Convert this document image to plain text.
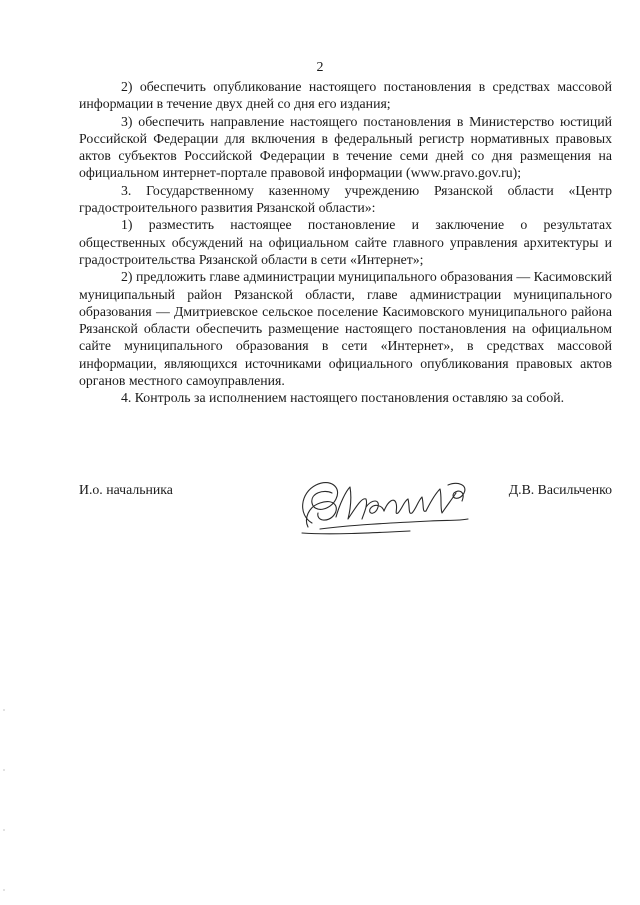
2

2) обеспечить опубликование настоящего постановления в средствах массовой информации в течение двух дней со дня его издания;

3) обеспечить направление настоящего постановления в Министерство юстиций Российской Федерации для включения в федеральный регистр нормативных правовых актов субъектов Российской Федерации в течение семи дней со дня размещения на официальном интернет-портале правовой информации (www.pravo.gov.ru);

3. Государственному казенному учреждению Рязанской области «Центр градостроительного развития Рязанской области»:

1) разместить настоящее постановление и заключение о результатах общественных обсуждений на официальном сайте главного управления архитектуры и градостроительства Рязанской области в сети «Интернет»;

2) предложить главе администрации муниципального образования — Касимовский муниципальный район Рязанской области, главе администрации муниципального образования — Дмитриевское сельское поселение Касимовского муниципального района Рязанской области обеспечить размещение настоящего постановления на официальном сайте муниципального образования в сети «Интернет», в средствах массовой информации, являющихся источниками официального опубликования правовых актов органов местного самоуправления.

4. Контроль за исполнением настоящего постановления оставляю за собой.

И.о. начальника	Д.В. Васильченко
